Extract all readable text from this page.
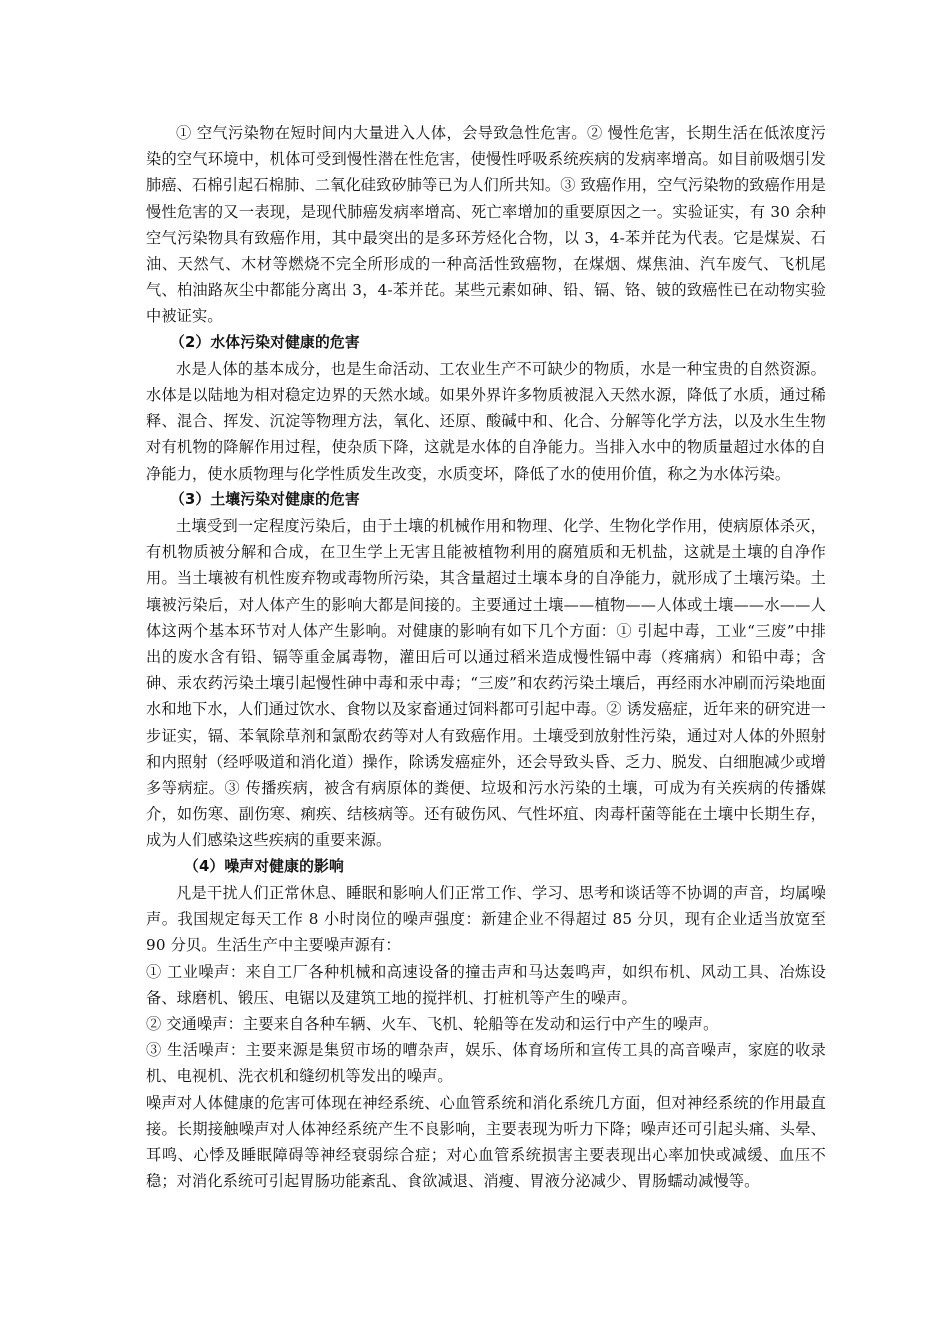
① 空气污染物在短时间内大量进入人体，会导致急性危害。② 慢性危害，长期生活在低浓度污染的空气环境中，机体可受到慢性潜在性危害，使慢性呼吸系统疾病的发病率增高。如目前吸烟引发肺癌、石棉引起石棉肺、二氧化硅致矽肺等已为人们所共知。③ 致癌作用，空气污染物的致癌作用是慢性危害的又一表现，是现代肺癌发病率增高、死亡率增加的重要原因之一。实验证实，有 30 余种空气污染物具有致癌作用，其中最突出的是多环芳烃化合物，以 3，4-苯并芘为代表。它是煤炭、石油、天然气、木材等燃烧不完全所形成的一种高活性致癌物，在煤烟、煤焦油、汽车废气、飞机尾气、柏油路灰尘中都能分离出 3，4-苯并芘。某些元素如砷、铅、镉、铬、铍的致癌性已在动物实验中被证实。

（2）水体污染对健康的危害

水是人体的基本成分，也是生命活动、工农业生产不可缺少的物质，水是一种宝贵的自然资源。水体是以陆地为相对稳定边界的天然水域。如果外界许多物质被混入天然水源，降低了水质，通过稀释、混合、挥发、沉淀等物理方法，氧化、还原、酸碱中和、化合、分解等化学方法，以及水生生物对有机物的降解作用过程，使杂质下降，这就是水体的自净能力。当排入水中的物质量超过水体的自净能力，使水质物理与化学性质发生改变，水质变坏，降低了水的使用价值，称之为水体污染。

（3）土壤污染对健康的危害

土壤受到一定程度污染后，由于土壤的机械作用和物理、化学、生物化学作用，使病原体杀灭，有机物质被分解和合成，在卫生学上无害且能被植物利用的腐殖质和无机盐，这就是土壤的自净作用。当土壤被有机性废弃物或毒物所污染，其含量超过土壤本身的自净能力，就形成了土壤污染。土壤被污染后，对人体产生的影响大都是间接的。主要通过土壤——植物——人体或土壤——水——人体这两个基本环节对人体产生影响。对健康的影响有如下几个方面：① 引起中毒，工业“三废”中排出的废水含有铅、镉等重金属毒物，灌田后可以通过稻米造成慢性镉中毒（疼痛病）和铅中毒；含砷、汞农药污染土壤引起慢性砷中毒和汞中毒；“三废”和农药污染土壤后，再经雨水冲刷而污染地面水和地下水，人们通过饮水、食物以及家畜通过饲料都可引起中毒。② 诱发癌症，近年来的研究进一步证实，镉、苯氧除草剂和氯酚农药等对人有致癌作用。土壤受到放射性污染，通过对人体的外照射和内照射（经呼吸道和消化道）操作，除诱发癌症外，还会导致头昏、乏力、脱发、白细胞减少或增多等病症。③ 传播疾病，被含有病原体的粪便、垃圾和污水污染的土壤，可成为有关疾病的传播媒介，如伤寒、副伤寒、痢疾、结核病等。还有破伤风、气性坏疽、肉毒杆菌等能在土壤中长期生存，成为人们感染这些疾病的重要来源。

（4）噪声对健康的影响

凡是干扰人们正常休息、睡眠和影响人们正常工作、学习、思考和谈话等不协调的声音，均属噪声。我国规定每天工作 8 小时岗位的噪声强度：新建企业不得超过 85 分贝，现有企业适当放宽至 90 分贝。生活生产中主要噪声源有：

① 工业噪声：来自工厂各种机械和高速设备的撞击声和马达轰鸣声，如织布机、风动工具、冶炼设备、球磨机、锻压、电锯以及建筑工地的搅拌机、打桩机等产生的噪声。

② 交通噪声：主要来自各种车辆、火车、飞机、轮船等在发动和运行中产生的噪声。

③ 生活噪声：主要来源是集贸市场的嘈杂声，娱乐、体育场所和宣传工具的高音噪声，家庭的收录机、电视机、洗衣机和缝纫机等发出的噪声。

噪声对人体健康的危害可体现在神经系统、心血管系统和消化系统几方面，但对神经系统的作用最直接。长期接触噪声对人体神经系统产生不良影响，主要表现为听力下降；噪声还可引起头痛、头晕、耳鸣、心悸及睡眠障碍等神经衰弱综合症；对心血管系统损害主要表现出心率加快或减缓、血压不稳；对消化系统可引起胃肠功能紊乱、食欲减退、消瘦、胃液分泌减少、胃肠蠕动减慢等。
